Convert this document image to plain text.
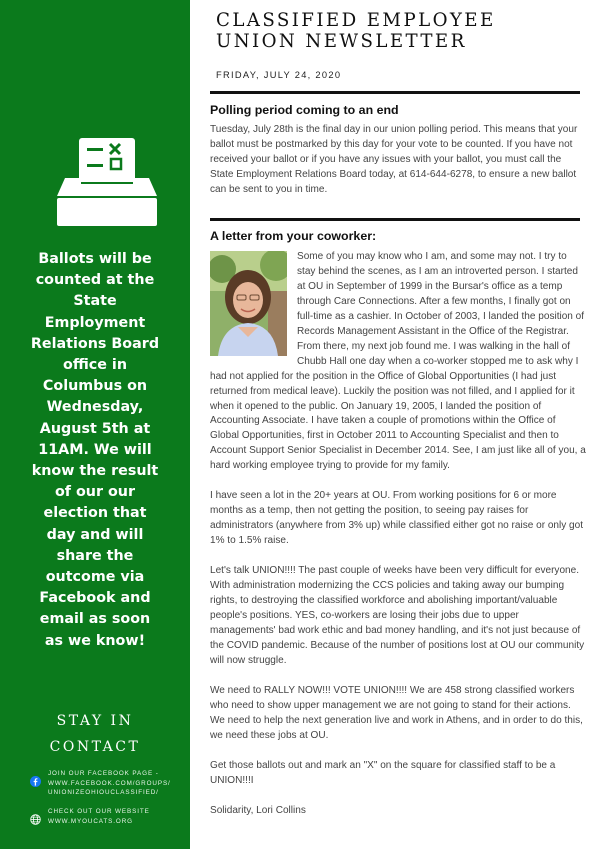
Ballots will be counted at the State Employment Relations Board office in Columbus on Wednesday, August 5th at 11AM. We will know the result of our our election that day and will share the outcome via Facebook and email as soon as we know!
STAY IN CONTACT
JOIN OUR FACEBOOK PAGE - WWW.FACEBOOK.COM/GROUPS/ UNIONIZEOHIOUCLASSIFIED/
CHECK OUT OUR WEBSITE WWW.MYOUCATS.ORG
CLASSIFIED EMPLOYEE
UNION NEWSLETTER
FRIDAY, JULY 24, 2020
Polling period coming to an end
Tuesday, July 28th is the final day in our union polling period. This means that your ballot must be postmarked by this day for your vote to be counted. If you have not received your ballot or if you have any issues with your ballot, you must call the State Employment Relations Board today, at 614-644-6278, to ensure a new ballot can be sent to you in time.
A letter from your coworker:

Some of you may know who I am, and some may not. I try to stay behind the scenes, as I am an introverted person. I started at OU in September of 1999 in the Bursar's office as a temp through Care Connections. After a few months, I finally got on full-time as a cashier. In October of 2003, I landed the position of Records Management Assistant in the Office of the Registrar. From there, my next job found me. I was walking in the hall of Chubb Hall one day when a co-worker stopped me to ask why I had not applied for the position in the Office of Global Opportunities (I had just returned from medical leave). Luckily the position was not filled, and I applied for it when it opened to the public. On January 19, 2005, I landed the position of Accounting Associate. I have taken a couple of promotions within the Office of Global Opportunities, first in October 2011 to Accounting Specialist and then to Account Support Senior Specialist in December 2014. See, I am just like all of you, a hard working employee trying to provide for my family.

I have seen a lot in the 20+ years at OU. From working positions for 6 or more months as a temp, then not getting the position, to seeing pay raises for administrators (anywhere from 3% up) while classified either got no raise or only got 1% to 1.5% raise.

Let's talk UNION!!!! The past couple of weeks have been very difficult for everyone. With administration modernizing the CCS policies and taking away our bumping rights, to destroying the classified workforce and abolishing important/valuable people's positions. YES, co-workers are losing their jobs due to upper managements' bad work ethic and bad money handling, and it's not just because of the COVID pandemic. Because of the number of positions lost at OU our community will now struggle.

We need to RALLY NOW!!! VOTE UNION!!!! We are 458 strong classified workers who need to show upper management we are not going to stand for their actions. We need to help the next generation live and work in Athens, and in order to do this, we need these jobs at OU.

Get those ballots out and mark an "X" on the square for classified staff to be a UNION!!!I

Solidarity, Lori Collins
